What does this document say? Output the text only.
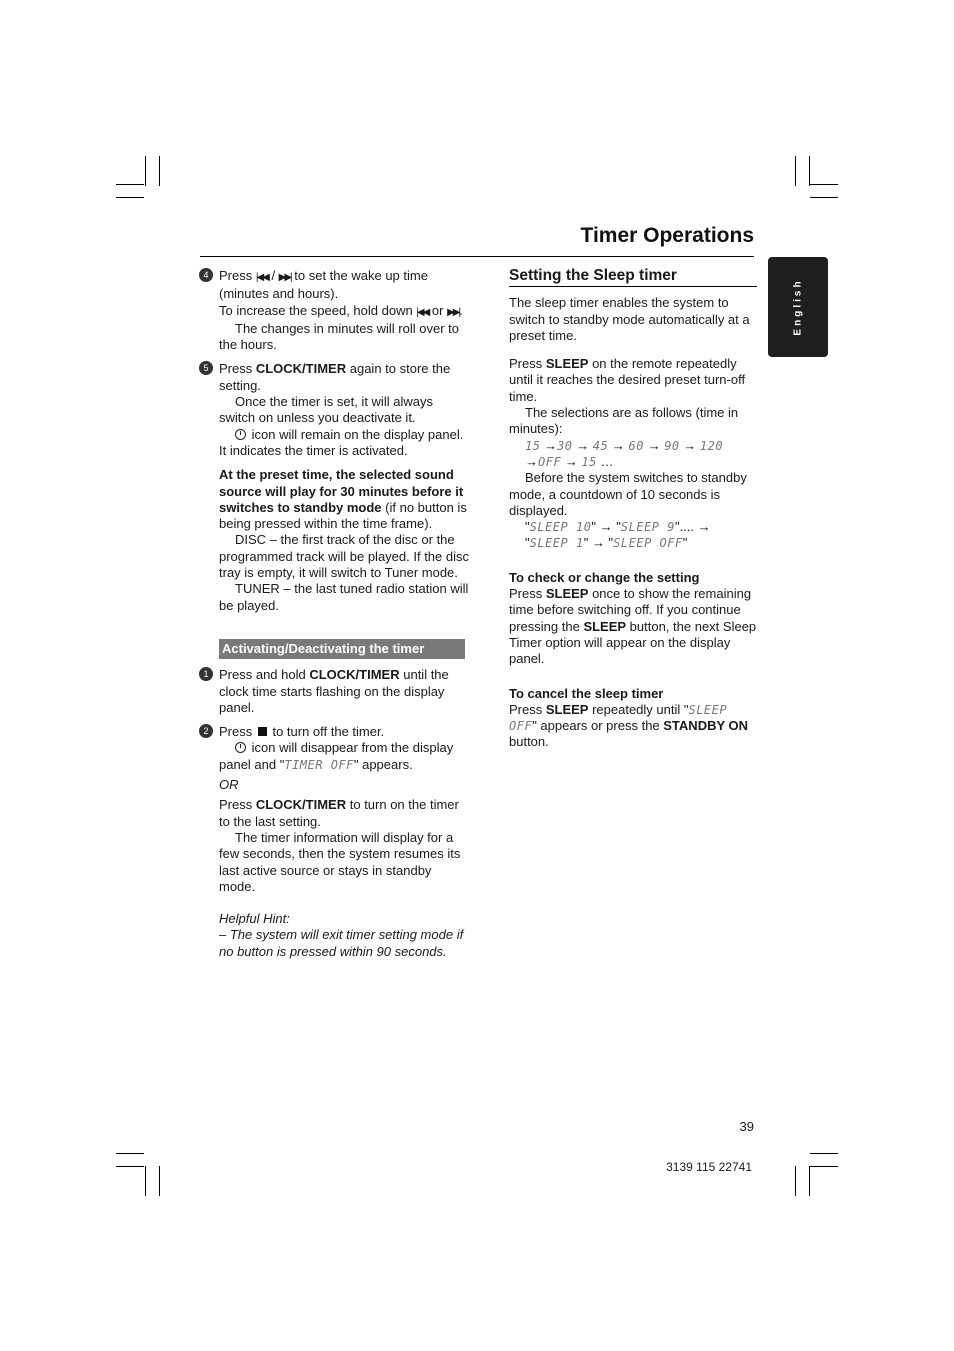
Timer Operations
English
4 Press |◀◀ / ▶▶| to set the wake up time (minutes and hours).

To increase the speed, hold down |◀◀ or ▶▶|.

The changes in minutes will roll over to the hours.

5 Press CLOCK/TIMER again to store the setting.

Once the timer is set, it will always switch on unless you deactivate it.

icon will remain on the display panel. It indicates the timer is activated.

At the preset time, the selected sound source will play for 30 minutes before it switches to standby mode (if no button is being pressed within the time frame).

DISC – the first track of the disc or the programmed track will be played. If the disc tray is empty, it will switch to Tuner mode.

TUNER – the last tuned radio station will be played.

Activating/Deactivating the timer
1 Press and hold CLOCK/TIMER until the clock time starts flashing on the display panel.

2 Press  to turn off the timer.

icon will disappear from the display panel and "TIMER OFF" appears.

OR

Press CLOCK/TIMER to turn on the timer to the last setting.

The timer information will display for a few seconds, then the system resumes its last active source or stays in standby mode.

Helpful Hint:

– The system will exit timer setting mode if no button is pressed within 90 seconds.

Setting the Sleep timer

The sleep timer enables the system to switch to standby mode automatically at a preset time.

Press SLEEP on the remote repeatedly until it reaches the desired preset turn-off time.

The selections are as follows (time in minutes):

15 →30 → 45 → 60 → 90 → 120
→OFF → 15 …

Before the system switches to standby mode, a countdown of 10 seconds is displayed.

"SLEEP 10" → "SLEEP 9".... →
"SLEEP 1" → "SLEEP OFF"

To check or change the setting

Press SLEEP once to show the remaining time before switching off. If you continue pressing the SLEEP button, the next Sleep Timer option will appear on the display panel.

To cancel the sleep timer

Press SLEEP repeatedly until "SLEEP OFF" appears or press the STANDBY ON button.

39
3139 115 22741
